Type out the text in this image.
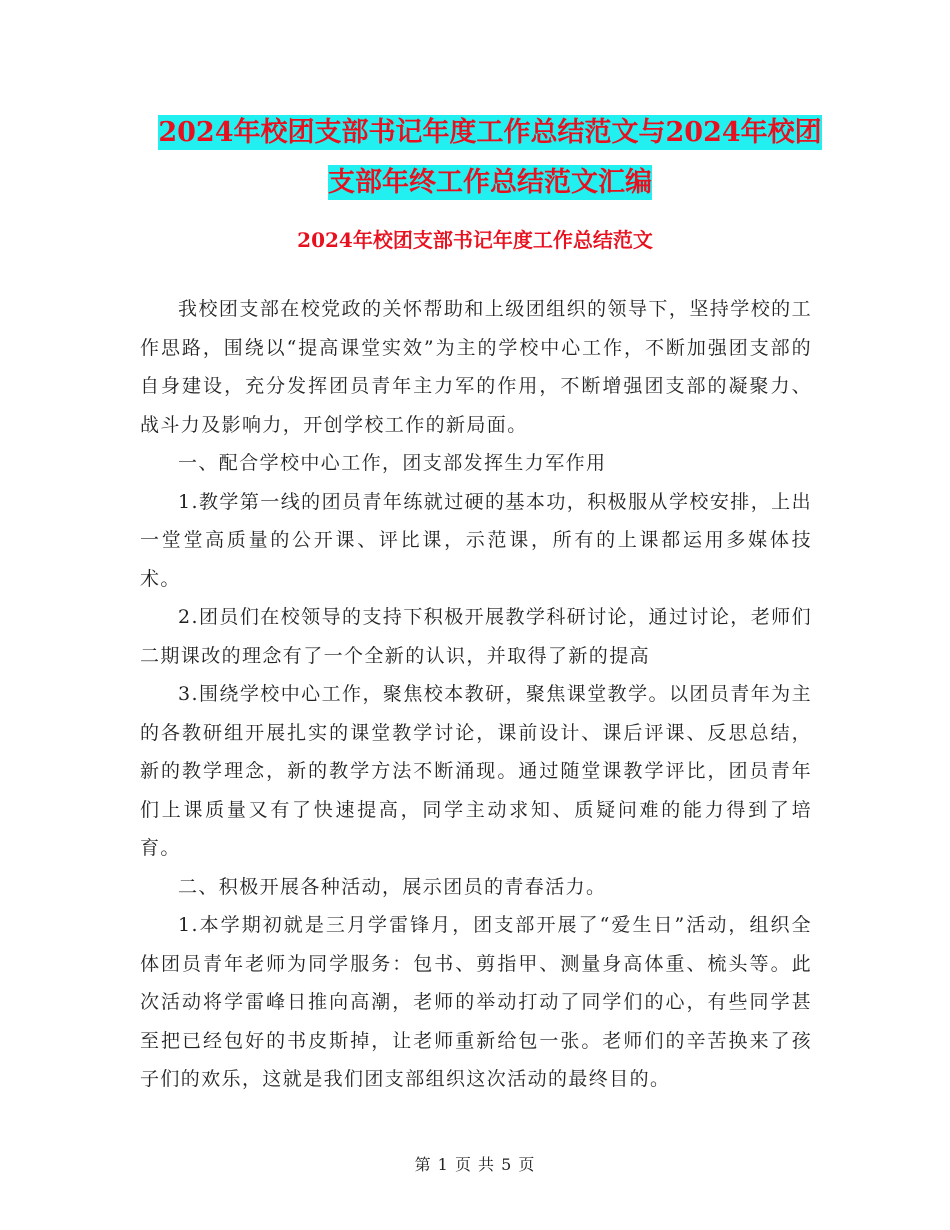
2024年校团支部书记年度工作总结范文与2024年校团
支部年终工作总结范文汇编
2024年校团支部书记年度工作总结范文

我校团支部在校党政的关怀帮助和上级团组织的领导下，坚持学校的工作思路，围绕以“提高课堂实效”为主的学校中心工作，不断加强团支部的自身建设，充分发挥团员青年主力军的作用，不断增强团支部的凝聚力、战斗力及影响力，开创学校工作的新局面。

一、配合学校中心工作，团支部发挥生力军作用

1.教学第一线的团员青年练就过硬的基本功，积极服从学校安排，上出一堂堂高质量的公开课、评比课，示范课，所有的上课都运用多媒体技术。

2.团员们在校领导的支持下积极开展教学科研讨论，通过讨论，老师们二期课改的理念有了一个全新的认识，并取得了新的提高

3.围绕学校中心工作，聚焦校本教研，聚焦课堂教学。以团员青年为主的各教研组开展扎实的课堂教学讨论，课前设计、课后评课、反思总结，新的教学理念，新的教学方法不断涌现。通过随堂课教学评比，团员青年们上课质量又有了快速提高，同学主动求知、质疑问难的能力得到了培育。

二、积极开展各种活动，展示团员的青春活力。

1.本学期初就是三月学雷锋月，团支部开展了“爱生日”活动，组织全体团员青年老师为同学服务：包书、剪指甲、测量身高体重、梳头等。此次活动将学雷峰日推向高潮，老师的举动打动了同学们的心，有些同学甚至把已经包好的书皮斯掉，让老师重新给包一张。老师们的辛苦换来了孩子们的欢乐，这就是我们团支部组织这次活动的最终目的。

第 1 页 共 5 页
